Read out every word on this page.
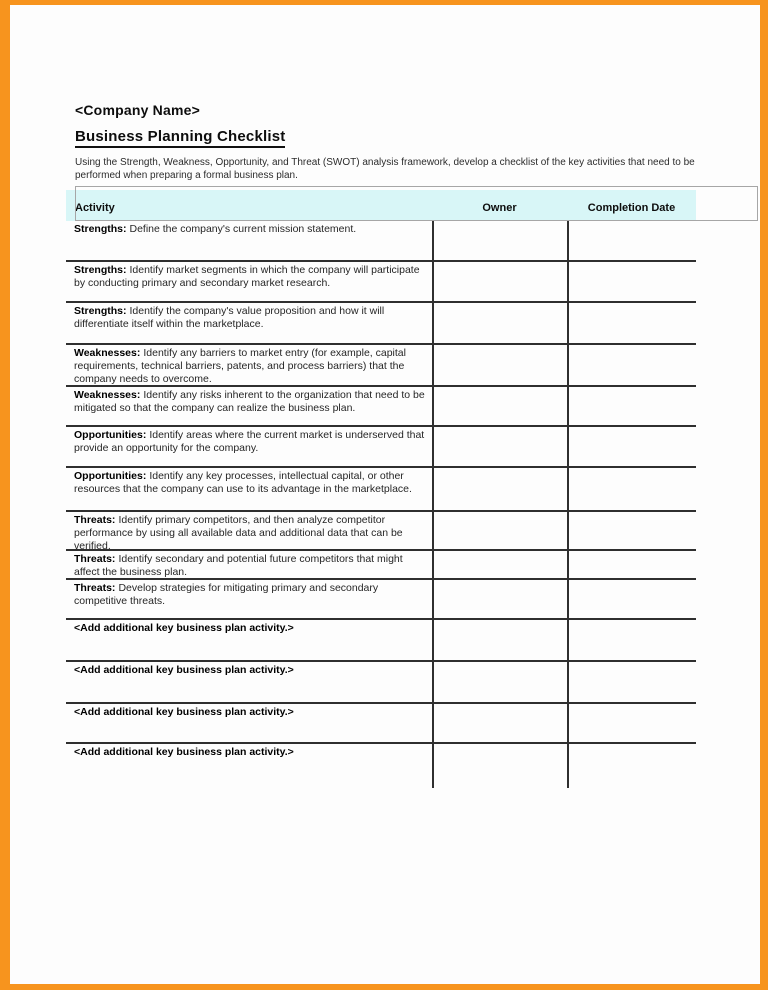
<Company Name>
Business Planning Checklist
Using the Strength, Weakness, Opportunity, and Threat (SWOT) analysis framework, develop a checklist of the key activities that need to be performed when preparing a formal business plan.
Activity	Owner	Completion Date
Strengths: Define the company's current mission statement.
Strengths: Identify market segments in which the company will participate by conducting primary and secondary market research.
Strengths: Identify the company's value proposition and how it will differentiate itself within the marketplace.
Weaknesses: Identify any barriers to market entry (for example, capital requirements, technical barriers, patents, and process barriers) that the company needs to overcome.
Weaknesses: Identify any risks inherent to the organization that need to be mitigated so that the company can realize the business plan.
Opportunities: Identify areas where the current market is underserved that provide an opportunity for the company.
Opportunities: Identify any key processes, intellectual capital, or other resources that the company can use to its advantage in the marketplace.
Threats: Identify primary competitors, and then analyze competitor performance by using all available data and additional data that can be verified.
Threats: Identify secondary and potential future competitors that might affect the business plan.
Threats: Develop strategies for mitigating primary and secondary competitive threats.
<Add additional key business plan activity.>
<Add additional key business plan activity.>
<Add additional key business plan activity.>
<Add additional key business plan activity.>
